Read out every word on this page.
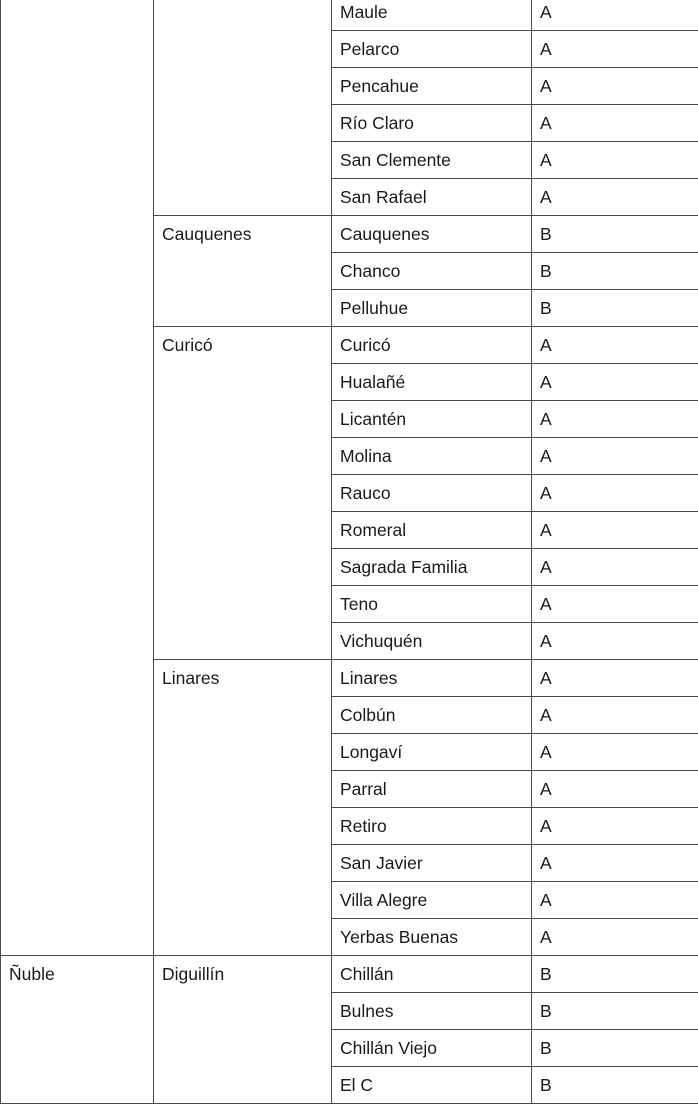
		Maule	A
		Pelarco	A
		Pencahue	A
		Río Claro	A
		San Clemente	A
		San Rafael	A
	Cauquenes	Cauquenes	B
		Chanco	B
		Pelluhue	B
	Curicó	Curicó	A
		Hualañé	A
		Licantén	A
		Molina	A
		Rauco	A
		Romeral	A
		Sagrada Familia	A
		Teno	A
		Vichuquén	A
	Linares	Linares	A
		Colbún	A
		Longaví	A
		Parral	A
		Retiro	A
		San Javier	A
		Villa Alegre	A
		Yerbas Buenas	A
Ñuble	Diguillín	Chillán	B
		Bulnes	B
		Chillán Viejo	B
		El C	B
